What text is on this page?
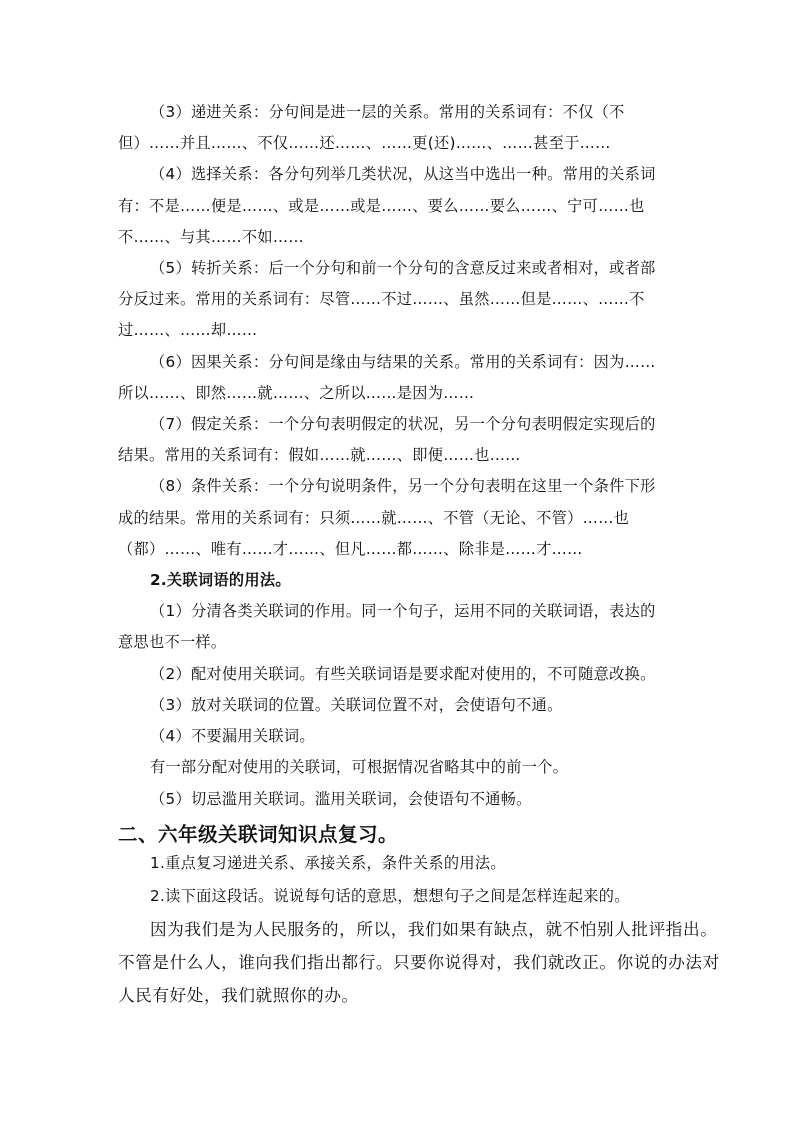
（3）递进关系：分句间是进一层的关系。常用的关系词有：不仅（不
但）……并且……、不仅……还……、……更(还)……、……甚至于……
（4）选择关系：各分句列举几类状况，从这当中选出一种。常用的关系词
有：不是……便是……、或是……或是……、要么……要么……、宁可……也
不……、与其……不如……
（5）转折关系：后一个分句和前一个分句的含意反过来或者相对，或者部
分反过来。常用的关系词有：尽管……不过……、虽然……但是……、……不
过……、……却……
（6）因果关系：分句间是缘由与结果的关系。常用的关系词有：因为……
所以……、即然……就……、之所以……是因为……
（7）假定关系：一个分句表明假定的状况，另一个分句表明假定实现后的
结果。常用的关系词有：假如……就……、即便……也……
（8）条件关系：一个分句说明条件，另一个分句表明在这里一个条件下形
成的结果。常用的关系词有：只须……就……、不管（无论、不管）……也
（都）……、唯有……才……、但凡……都……、除非是……才……
2.关联词语的用法。
（1）分清各类关联词的作用。同一个句子，运用不同的关联词语，表达的
意思也不一样。
（2）配对使用关联词。有些关联词语是要求配对使用的，不可随意改换。
（3）放对关联词的位置。关联词位置不对，会使语句不通。
（4）不要漏用关联词。
有一部分配对使用的关联词，可根据情况省略其中的前一个。
（5）切忌滥用关联词。滥用关联词，会使语句不通畅。
二、六年级关联词知识点复习。
1.重点复习递进关系、承接关系，条件关系的用法。
2.读下面这段话。说说每句话的意思，想想句子之间是怎样连起来的。
因为我们是为人民服务的，所以，我们如果有缺点，就不怕别人批评指出。
不管是什么人，谁向我们指出都行。只要你说得对，我们就改正。你说的办法对
人民有好处，我们就照你的办。
